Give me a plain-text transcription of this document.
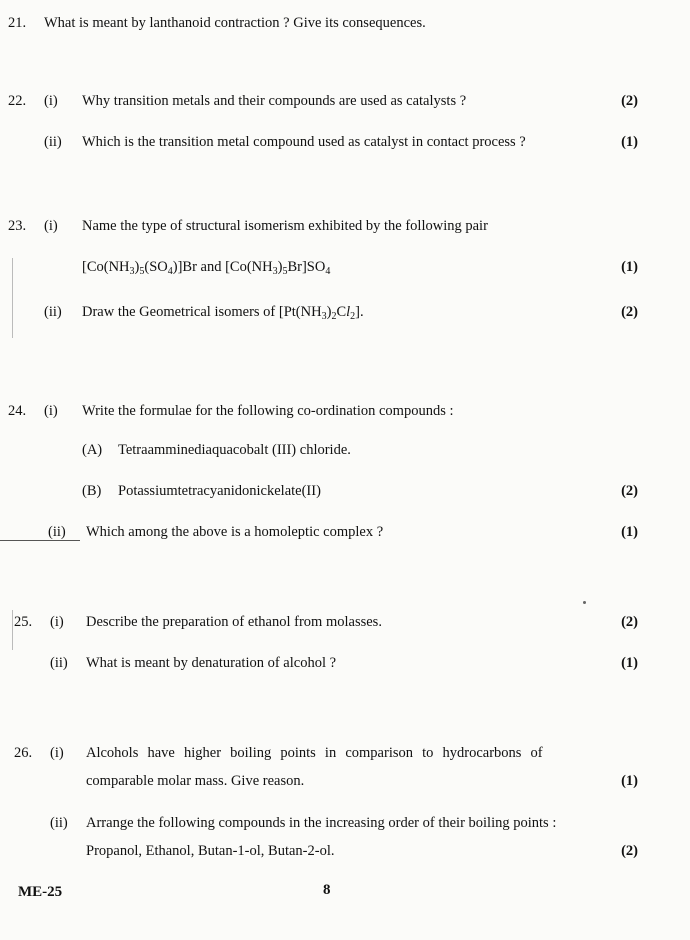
21. What is meant by lanthanoid contraction ? Give its consequences.
22. (i) Why transition metals and their compounds are used as catalysts ?	(2)
(ii) Which is the transition metal compound used as catalyst in contact process ?	(1)
23. (i) Name the type of structural isomerism exhibited by the following pair
$[Co(NH_3)_5(SO_4)]Br$ and $[Co(NH_3)_5Br]SO_4$	(1)
(ii) Draw the Geometrical isomers of $[Pt(NH_3)_2Cl_2]$.	(2)
24. (i) Write the formulae for the following co-ordination compounds :
(A) Tetraamminediaquacobalt (III) chloride.
(B) Potassiumtetracyanidonickelate(II)	(2)
(ii) Which among the above is a homoleptic complex ?	(1)
25. (i) Describe the preparation of ethanol from molasses.	(2)
(ii) What is meant by denaturation of alcohol ?	(1)
26. (i) Alcohols have higher boiling points in comparison to hydrocarbons of
comparable molar mass. Give reason.	(1)
(ii) Arrange the following compounds in the increasing order of their boiling points :
Propanol, Ethanol, Butan-1-ol, Butan-2-ol.	(2)
ME-25	8
